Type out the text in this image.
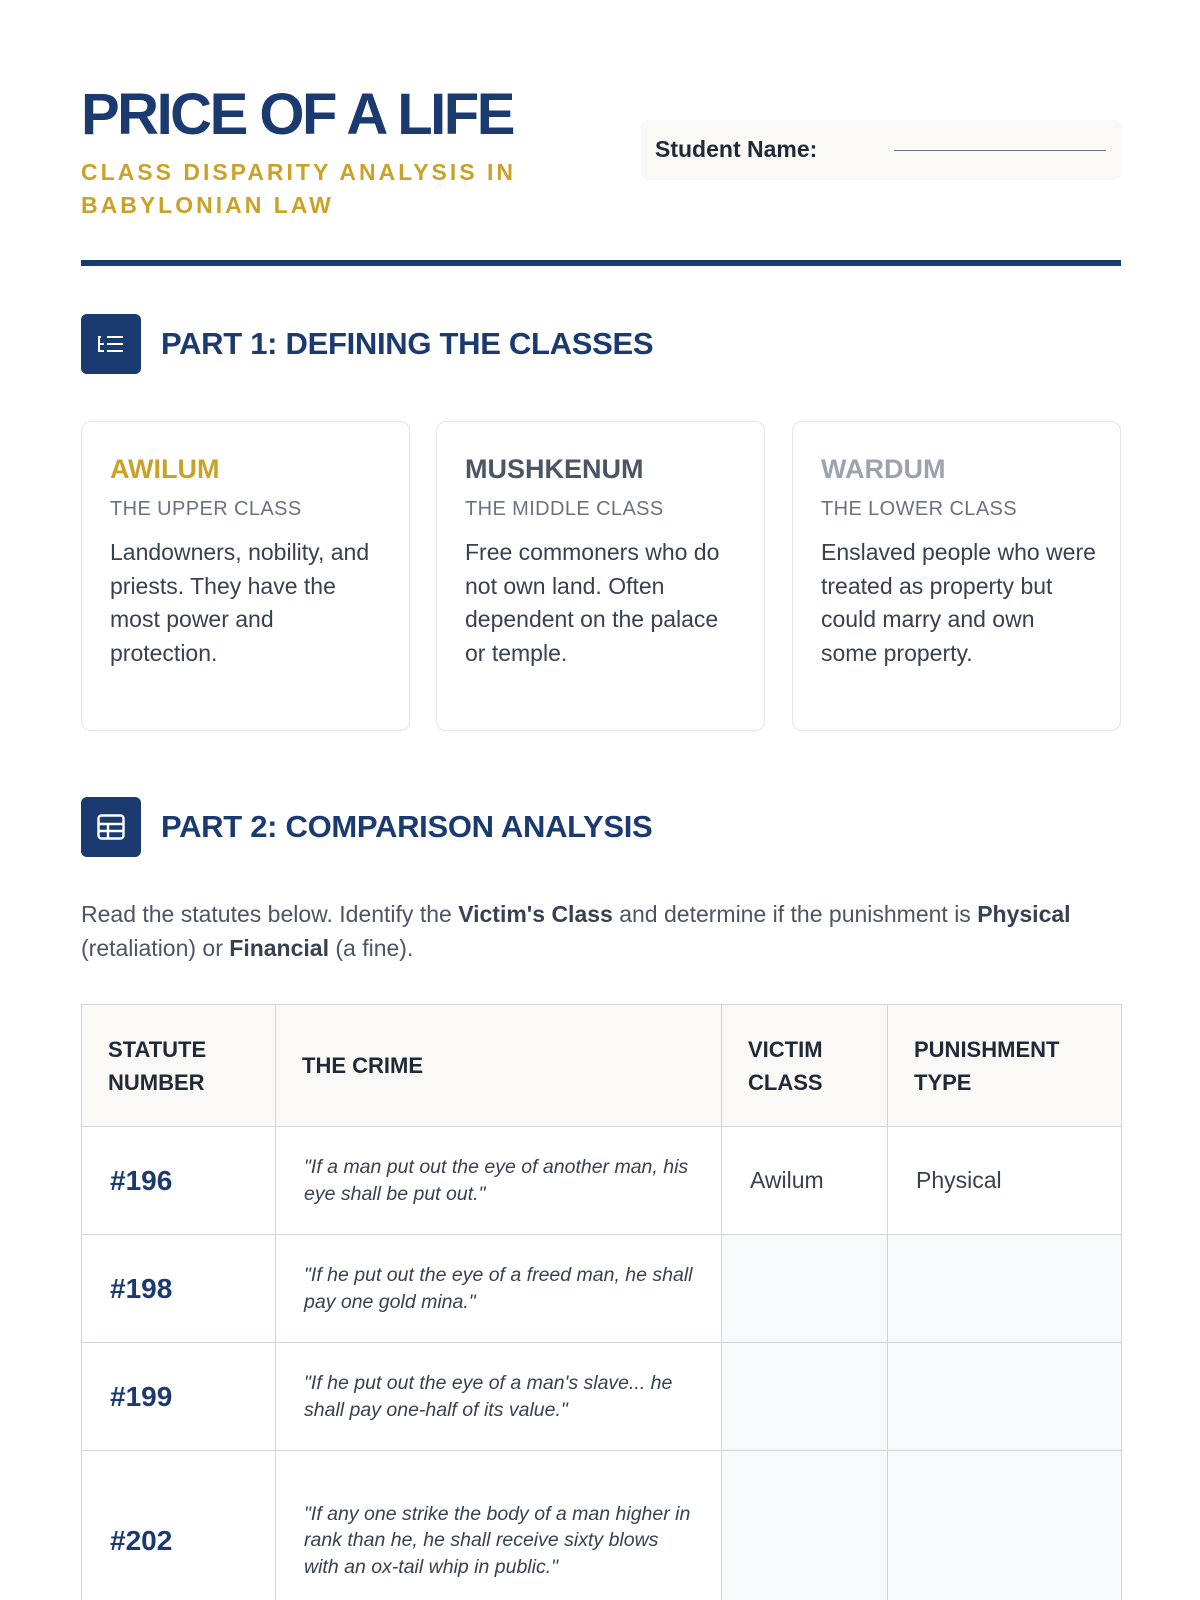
PRICE OF A LIFE
CLASS DISPARITY ANALYSIS IN BABYLONIAN LAW
Student Name:
PART 1: DEFINING THE CLASSES
AWILUM
THE UPPER CLASS
Landowners, nobility, and priests. They have the most power and protection.
MUSHKENUM
THE MIDDLE CLASS
Free commoners who do not own land. Often dependent on the palace or temple.
WARDUM
THE LOWER CLASS
Enslaved people who were treated as property but could marry and own some property.
PART 2: COMPARISON ANALYSIS
Read the statutes below. Identify the Victim's Class and determine if the punishment is Physical (retaliation) or Financial (a fine).
STATUTE NUMBER	THE CRIME	VICTIM CLASS	PUNISHMENT TYPE
#196	"If a man put out the eye of another man, his eye shall be put out."	Awilum	Physical
#198	"If he put out the eye of a freed man, he shall pay one gold mina."		
#199	"If he put out the eye of a man's slave... he shall pay one-half of its value."		
#202	"If any one strike the body of a man higher in rank than he, he shall receive sixty blows with an ox-tail whip in public."		
